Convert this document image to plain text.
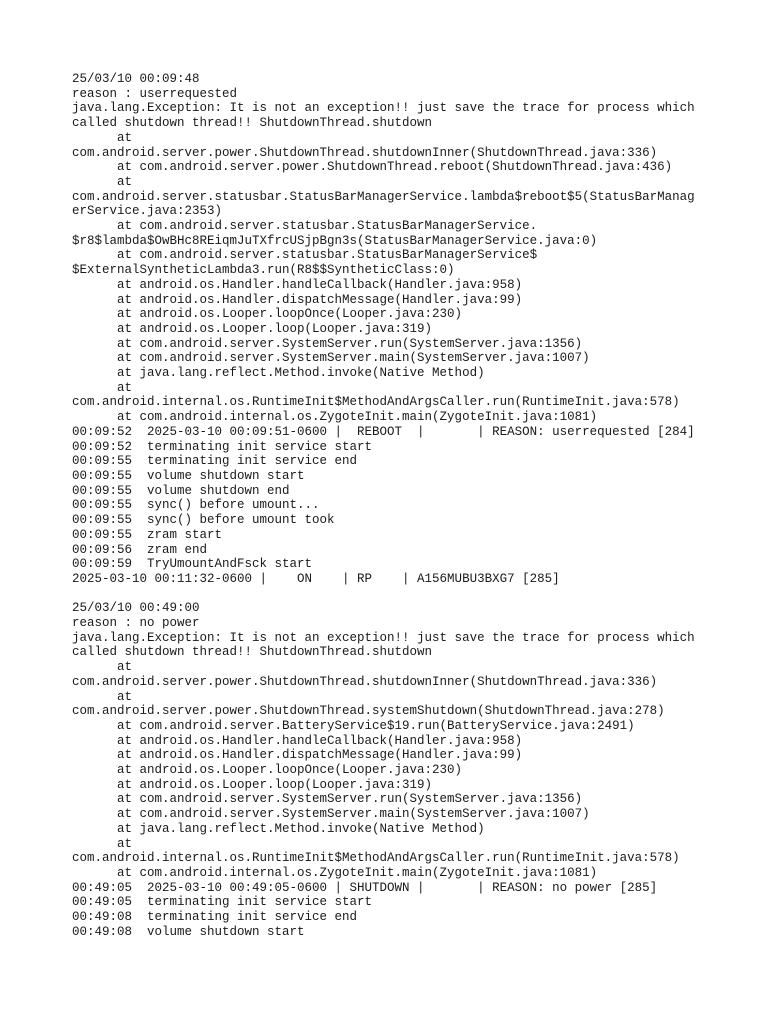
25/03/10 00:09:48
reason : userrequested
java.lang.Exception: It is not an exception!! just save the trace for process which
called shutdown thread!! ShutdownThread.shutdown
at
com.android.server.power.ShutdownThread.shutdownInner(ShutdownThread.java:336)
at com.android.server.power.ShutdownThread.reboot(ShutdownThread.java:436)
at
com.android.server.statusbar.StatusBarManagerService.lambda$reboot$5(StatusBarManag
erService.java:2353)
at com.android.server.statusbar.StatusBarManagerService.
$r8$lambda$OwBHc8REiqmJuTXfrcUSjpBgn3s(StatusBarManagerService.java:0)
at com.android.server.statusbar.StatusBarManagerService$
$ExternalSyntheticLambda3.run(R8$$SyntheticClass:0)
at android.os.Handler.handleCallback(Handler.java:958)
at android.os.Handler.dispatchMessage(Handler.java:99)
at android.os.Looper.loopOnce(Looper.java:230)
at android.os.Looper.loop(Looper.java:319)
at com.android.server.SystemServer.run(SystemServer.java:1356)
at com.android.server.SystemServer.main(SystemServer.java:1007)
at java.lang.reflect.Method.invoke(Native Method)
at
com.android.internal.os.RuntimeInit$MethodAndArgsCaller.run(RuntimeInit.java:578)
at com.android.internal.os.ZygoteInit.main(ZygoteInit.java:1081)
00:09:52  2025-03-10 00:09:51-0600 |  REBOOT  |       | REASON: userrequested [284]
00:09:52  terminating init service start
00:09:55  terminating init service end
00:09:55  volume shutdown start
00:09:55  volume shutdown end
00:09:55  sync() before umount...
00:09:55  sync() before umount took
00:09:55  zram start
00:09:56  zram end
00:09:59  TryUmountAndFsck start
2025-03-10 00:11:32-0600 |    ON    | RP    | A156MUBU3BXG7 [285]

25/03/10 00:49:00
reason : no power
java.lang.Exception: It is not an exception!! just save the trace for process which
called shutdown thread!! ShutdownThread.shutdown
at
com.android.server.power.ShutdownThread.shutdownInner(ShutdownThread.java:336)
at
com.android.server.power.ShutdownThread.systemShutdown(ShutdownThread.java:278)
at com.android.server.BatteryService$19.run(BatteryService.java:2491)
at android.os.Handler.handleCallback(Handler.java:958)
at android.os.Handler.dispatchMessage(Handler.java:99)
at android.os.Looper.loopOnce(Looper.java:230)
at android.os.Looper.loop(Looper.java:319)
at com.android.server.SystemServer.run(SystemServer.java:1356)
at com.android.server.SystemServer.main(SystemServer.java:1007)
at java.lang.reflect.Method.invoke(Native Method)
at
com.android.internal.os.RuntimeInit$MethodAndArgsCaller.run(RuntimeInit.java:578)
at com.android.internal.os.ZygoteInit.main(ZygoteInit.java:1081)
00:49:05  2025-03-10 00:49:05-0600 | SHUTDOWN |       | REASON: no power [285]
00:49:05  terminating init service start
00:49:08  terminating init service end
00:49:08  volume shutdown start
